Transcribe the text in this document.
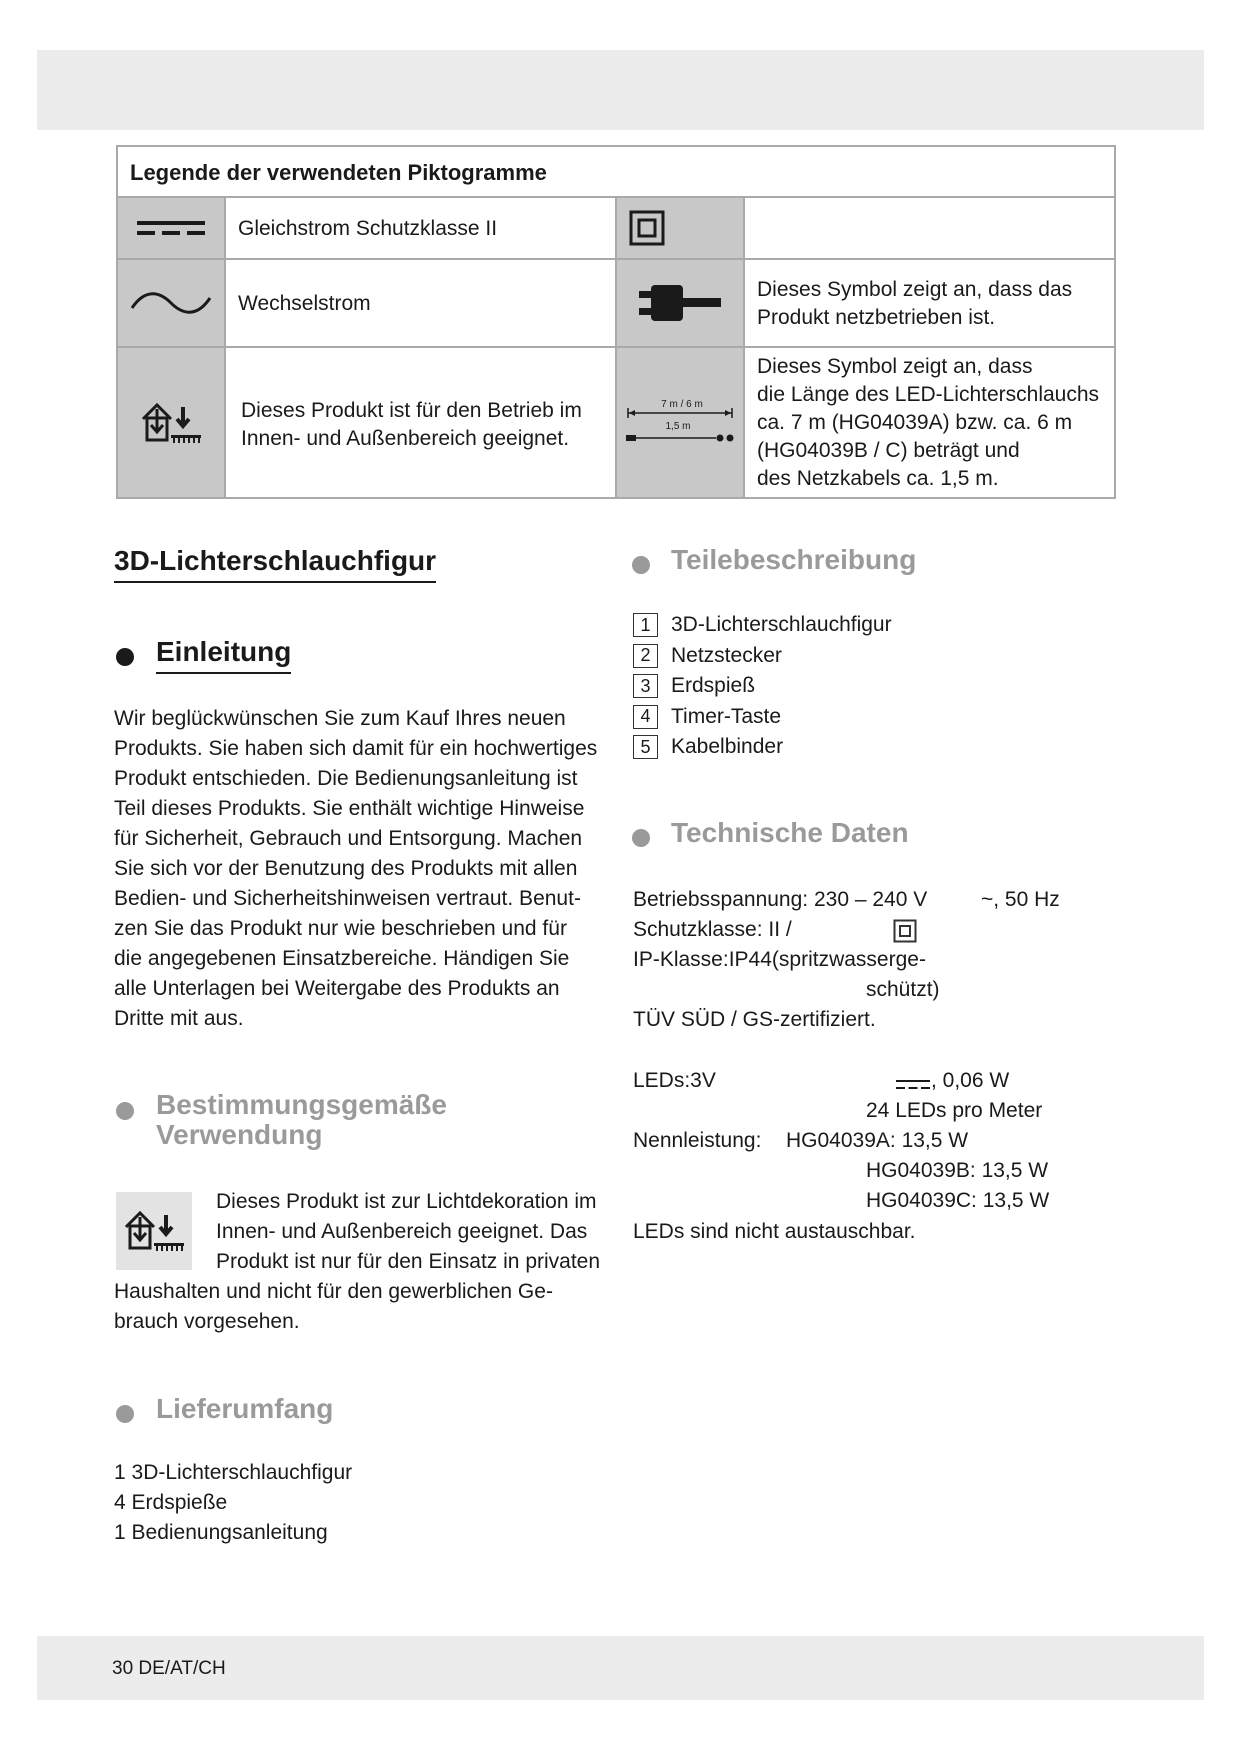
Legende der verwendeten Piktogramme
Gleichstrom Schutzklasse II
Wechselstrom
Dieses Symbol zeigt an, dass das
Produkt netzbetrieben ist.
Dieses Produkt ist für den Betrieb im
Innen- und Außenbereich geeignet.
7 m / 6 m
1,5 m
Dieses Symbol zeigt an, dass
die Länge des LED-Lichterschlauchs
ca. 7 m (HG04039A) bzw. ca. 6 m
(HG04039B / C) beträgt und
des Netzkabels ca. 1,5 m.
3D-Lichterschlauchfigur
Einleitung
Wir beglückwünschen Sie zum Kauf Ihres neuen
Produkts. Sie haben sich damit für ein hochwertiges
Produkt entschieden. Die Bedienungsanleitung ist
Teil dieses Produkts. Sie enthält wichtige Hinweise
für Sicherheit, Gebrauch und Entsorgung. Machen
Sie sich vor der Benutzung des Produkts mit allen
Bedien- und Sicherheitshinweisen vertraut. Benut-
zen Sie das Produkt nur wie beschrieben und für
die angegebenen Einsatzbereiche. Händigen Sie
alle Unterlagen bei Weitergabe des Produkts an
Dritte mit aus.
Bestimmungsgemäße
Verwendung
Dieses Produkt ist zur Lichtdekoration im
Innen- und Außenbereich geeignet. Das
Produkt ist nur für den Einsatz in privaten
Haushalten und nicht für den gewerblichen Ge-
brauch vorgesehen.
Lieferumfang
1 3D-Lichterschlauchfigur
4 Erdspieße
1 Bedienungsanleitung
Teilebeschreibung
1 3D-Lichterschlauchfigur
2 Netzstecker
3 Erdspieß
4 Timer-Taste
5 Kabelbinder
Technische Daten
Betriebsspannung: 230 – 240 V	~, 50 Hz
Schutzklasse: II /
IP-Klasse:IP44(spritzwasserge-
schützt)
TÜV SÜD / GS-zertifiziert.
LEDs:3V	, 0,06 W
24 LEDs pro Meter
Nennleistung: HG04039A: 13,5 W
HG04039B: 13,5 W
HG04039C: 13,5 W
LEDs sind nicht austauschbar.
30 DE/AT/CH
